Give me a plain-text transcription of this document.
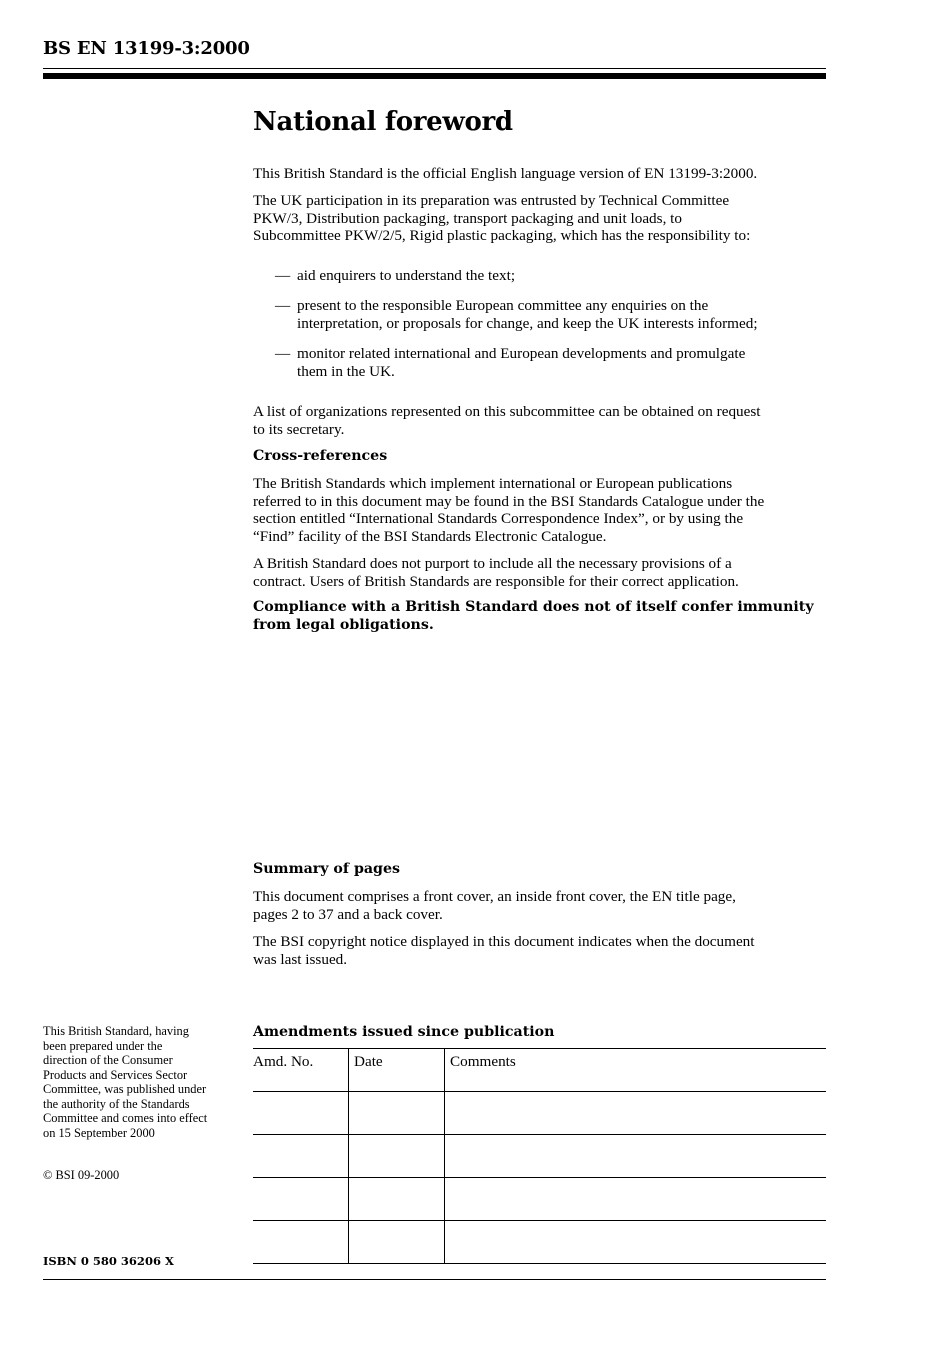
BS EN 13199-3:2000
National foreword

This British Standard is the official English language version of EN 13199-3:2000.

The UK participation in its preparation was entrusted by Technical Committee

PKW/3, Distribution packaging, transport packaging and unit loads, to

Subcommittee PKW/2/5, Rigid plastic packaging, which has the responsibility to:

— aid enquirers to understand the text;
— present to the responsible European committee any enquiries on the
interpretation, or proposals for change, and keep the UK interests informed;
— monitor related international and European developments and promulgate
them in the UK.

A list of organizations represented on this subcommittee can be obtained on request

to its secretary.

Cross-references

The British Standards which implement international or European publications

referred to in this document may be found in the BSI Standards Catalogue under the

section entitled “International Standards Correspondence Index”, or by using the

“Find” facility of the BSI Standards Electronic Catalogue.

A British Standard does not purport to include all the necessary provisions of a

contract. Users of British Standards are responsible for their correct application.

Compliance with a British Standard does not of itself confer immunity
from legal obligations.
Summary of pages

This document comprises a front cover, an inside front cover, the EN title page,

pages 2 to 37 and a back cover.

The BSI copyright notice displayed in this document indicates when the document

was last issued.

This British Standard, having
been prepared under the
direction of the Consumer
Products and Services Sector
Committee, was published under
the authority of the Standards
Committee and comes into effect
on 15 September 2000
© BSI 09-2000
ISBN 0 580 36206 X
Amendments issued since publication
Amd. No.	Date	Comments
